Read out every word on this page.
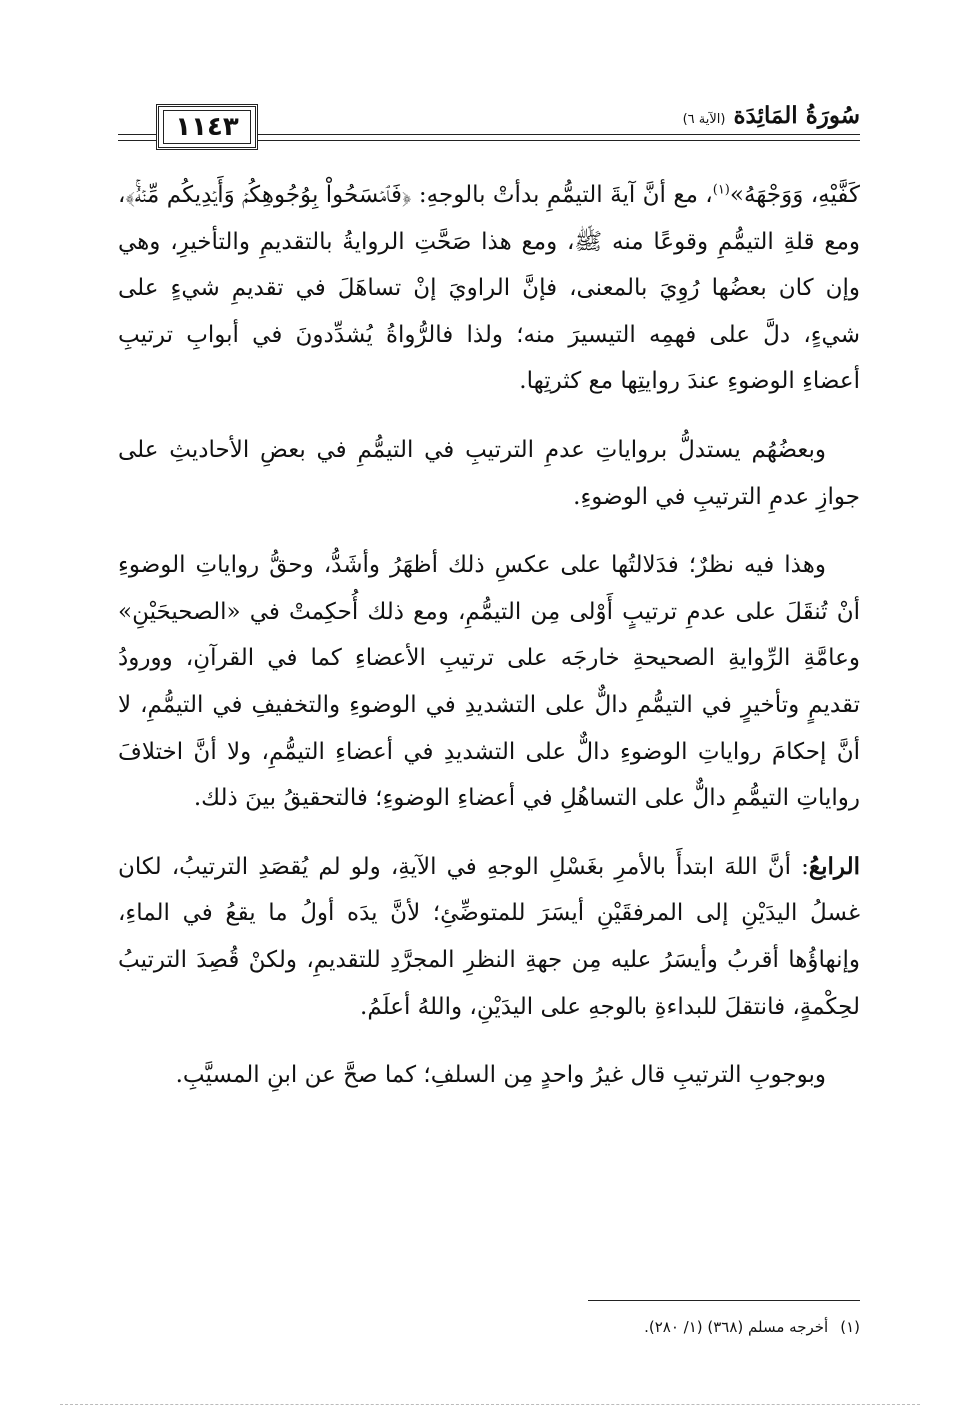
١١٤٣	سُورَةُ المَائِدَة
(الآية ٦)

كَفَّيْهِ، وَوَجْهَهُ»$^{(١)}$، مع أنَّ آيةَ التيمُّمِ بدأتْ بالوجهِ: ﴿فَٱمۡسَحُواْ بِوُجُوهِكُمۡ وَأَيۡدِيكُم مِّنۡهُۚ﴾، ومع قلةِ التيمُّمِ وقوعًا منه ﷺ، ومع هذا صَحَّتِ الروايةُ بالتقديمِ والتأخيرِ، وهي وإن كان بعضُها رُوِيَ بالمعنى، فإنَّ الراويَ إنْ تساهَلَ في تقديمِ شيءٍ على شيءٍ، دلَّ على فهمِه التيسيرَ منه؛ ولذا فالرُّواةُ يُشدِّدونَ في أبوابِ ترتيبِ أعضاءِ الوضوءِ عندَ روايتِها مع كثرتِها.

وبعضُهُم يستدلُّ برواياتِ عدمِ الترتيبِ في التيمُّمِ في بعضِ الأحاديثِ على جوازِ عدمِ الترتيبِ في الوضوءِ.

وهذا فيه نظرٌ؛ فدَلالتُها على عكسِ ذلك أظهَرُ وأشَدُّ، وحقُّ رواياتِ الوضوءِ أنْ تُنقَلَ على عدمِ ترتيبٍ أَوْلى مِن التيمُّمِ، ومع ذلك أُحكِمتْ في «الصحيحَيْنِ» وعامَّةِ الرِّوايةِ الصحيحةِ خارجَه على ترتيبِ الأعضاءِ كما في القرآنِ، وورودُ تقديمٍ وتأخيرٍ في التيمُّمِ دالٌّ على التشديدِ في الوضوءِ والتخفيفِ في التيمُّمِ، لا أنَّ إحكامَ رواياتِ الوضوءِ دالٌّ على التشديدِ في أعضاءِ التيمُّمِ، ولا أنَّ اختلافَ رواياتِ التيمُّمِ دالٌّ على التساهُلِ في أعضاءِ الوضوءِ؛ فالتحقيقُ بينَ ذلك.

الرابعُ: أنَّ اللهَ ابتدأَ بالأمرِ بغَسْلِ الوجهِ في الآيةِ، ولو لم يُقصَدِ الترتيبُ، لكان غسلُ اليدَيْنِ إلى المرفقَيْنِ أيسَرَ للمتوضِّئِ؛ لأنَّ يدَه أولُ ما يقعُ في الماءِ، وإنهاؤُها أقربُ وأيسَرُ عليه مِن جهةِ النظرِ المجرَّدِ للتقديمِ، ولكنْ قُصِدَ الترتيبُ لحِكْمةٍ، فانتقلَ للبداءةِ بالوجهِ على اليدَيْنِ، واللهُ أعلَمُ.

وبوجوبِ الترتيبِ قال غيرُ واحدٍ مِن السلفِ؛ كما صحَّ عن ابنِ المسيَّبِ.

(١)أخرجه مسلم (٣٦٨) (١/ ٢٨٠).
